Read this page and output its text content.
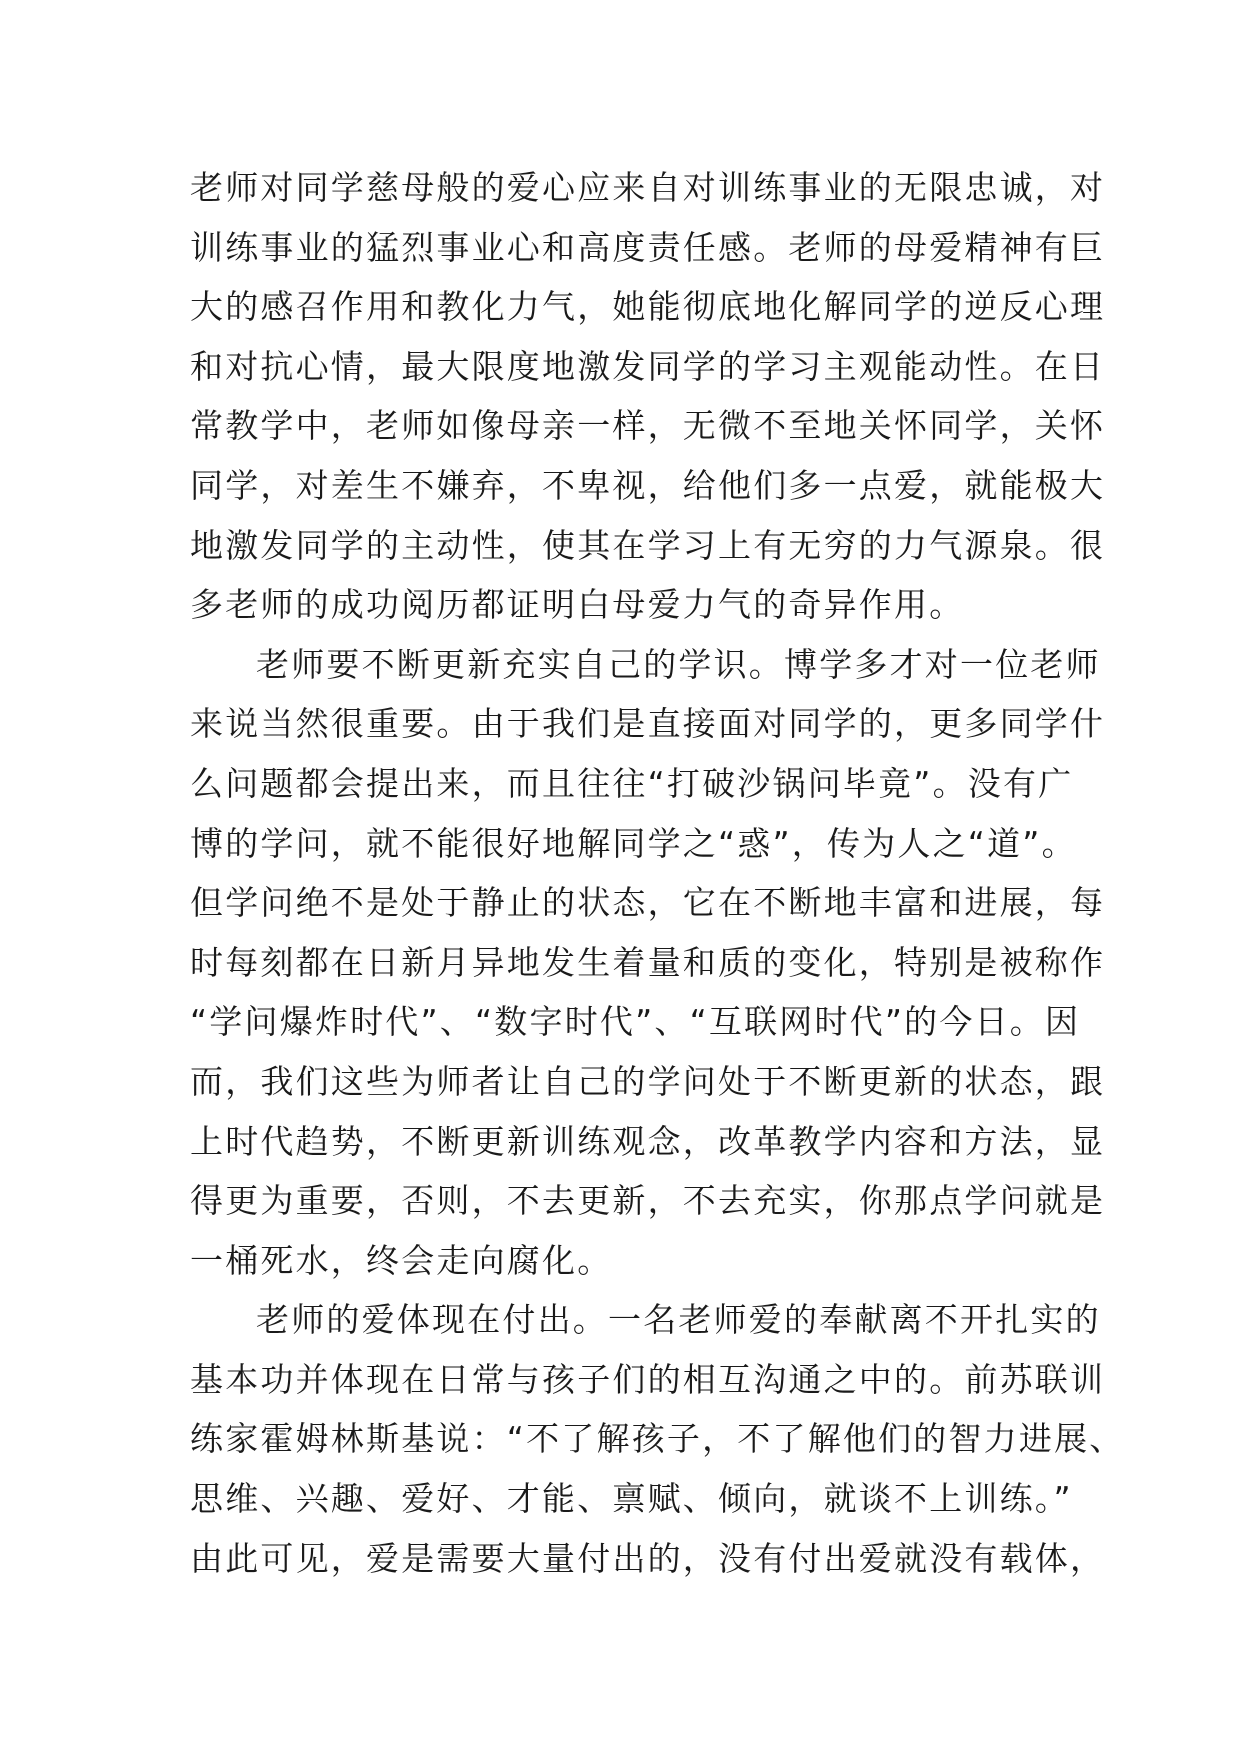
老师对同学慈母般的爱心应来自对训练事业的无限忠诚，对
训练事业的猛烈事业心和高度责任感。老师的母爱精神有巨
大的感召作用和教化力气，她能彻底地化解同学的逆反心理
和对抗心情，最大限度地激发同学的学习主观能动性。在日
常教学中，老师如像母亲一样，无微不至地关怀同学，关怀
同学，对差生不嫌弃，不卑视，给他们多一点爱，就能极大
地激发同学的主动性，使其在学习上有无穷的力气源泉。很
多老师的成功阅历都证明白母爱力气的奇异作用。
老师要不断更新充实自己的学识。博学多才对一位老师
来说当然很重要。由于我们是直接面对同学的，更多同学什
么问题都会提出来，而且往往“打破沙锅问毕竟”。没有广
博的学问，就不能很好地解同学之“惑”，传为人之“道”。
但学问绝不是处于静止的状态，它在不断地丰富和进展，每
时每刻都在日新月异地发生着量和质的变化，特别是被称作
“学问爆炸时代”、“数字时代”、“互联网时代”的今日。因
而，我们这些为师者让自己的学问处于不断更新的状态，跟
上时代趋势，不断更新训练观念，改革教学内容和方法，显
得更为重要，否则，不去更新，不去充实，你那点学问就是
一桶死水，终会走向腐化。
老师的爱体现在付出。一名老师爱的奉献离不开扎实的
基本功并体现在日常与孩子们的相互沟通之中的。前苏联训
练家霍姆林斯基说：“不了解孩子，不了解他们的智力进展、
思维、兴趣、爱好、才能、禀赋、倾向，就谈不上训练。”
由此可见，爱是需要大量付出的，没有付出爱就没有载体，
